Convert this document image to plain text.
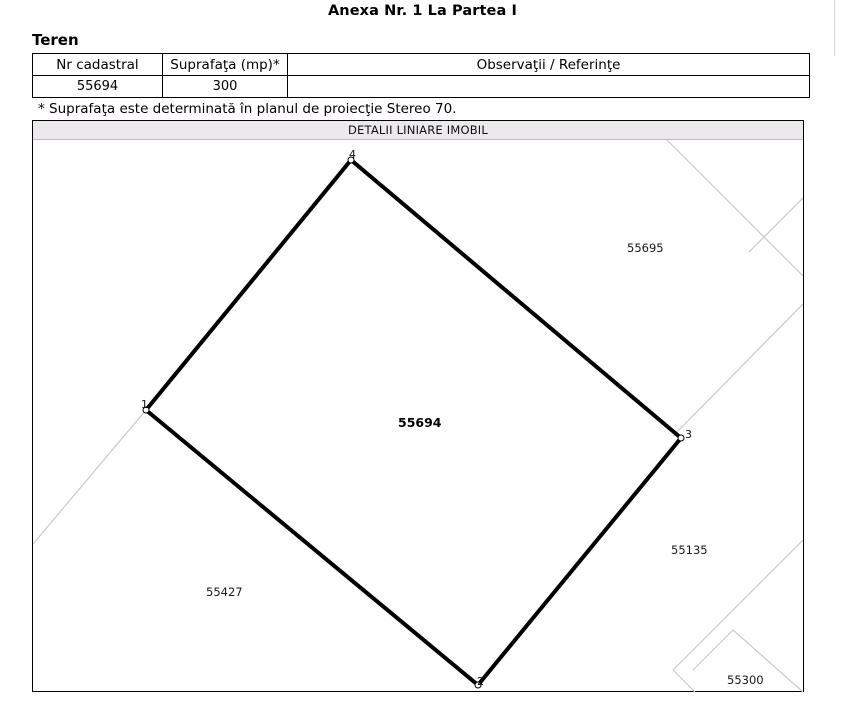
Anexa Nr. 1 La Partea I
Teren
Nr cadastral	Suprafaţa (mp)*	Observaţii / Referinţe
55694	300	
* Suprafaţa este determinată în planul de proiecţie Stereo 70.
DETALII LINIARE IMOBIL
55694
55695
55135
55427
55300
1
2
3
4
